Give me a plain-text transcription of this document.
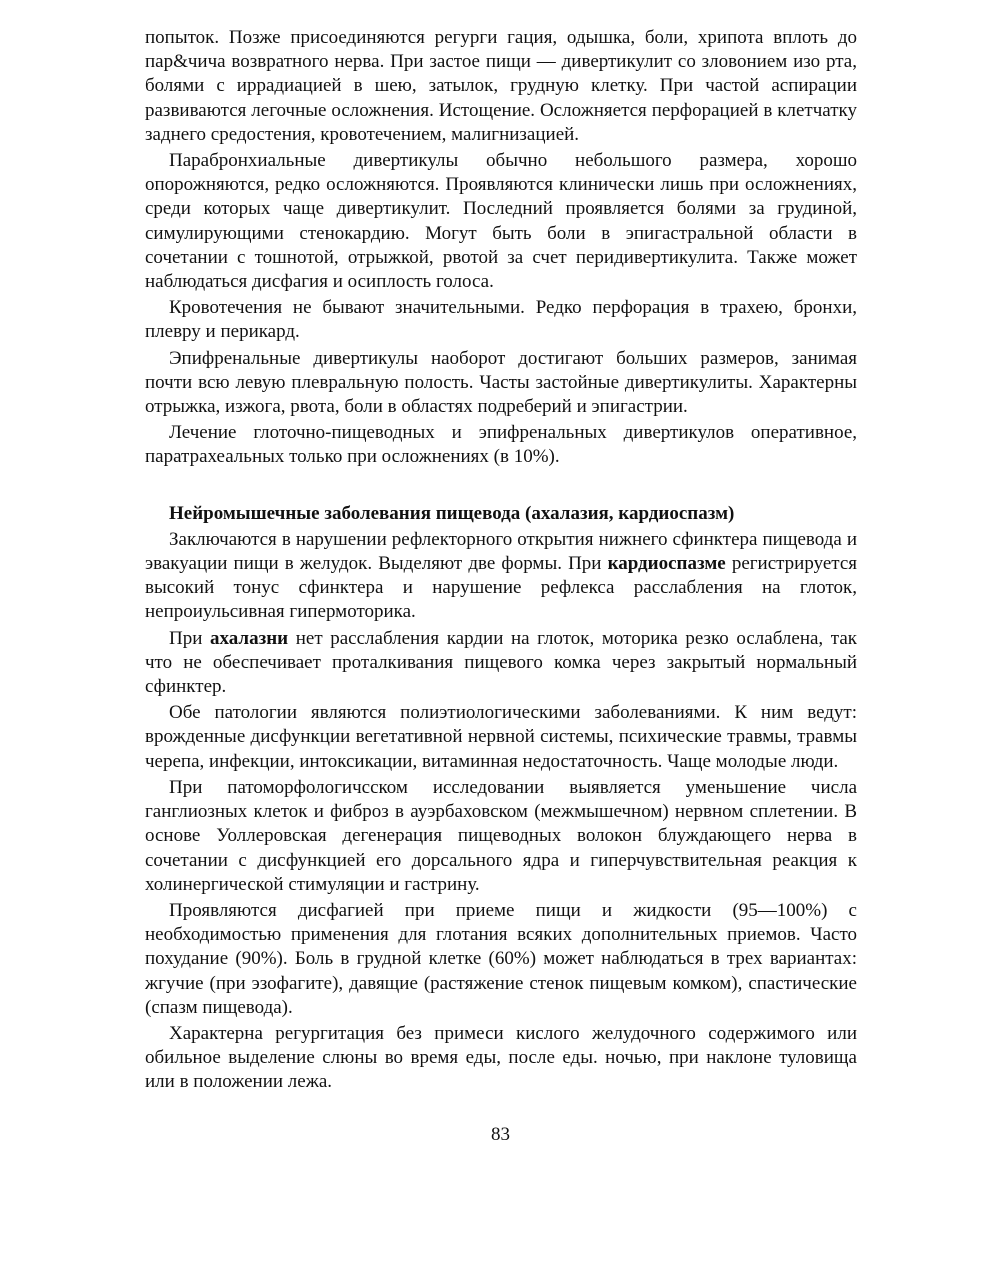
попыток. Позже присоединяются регурги гация, одышка, боли, хрипота вплоть до пар&чича возвратного нерва. При застое пищи — дивертикулит со зловонием изо рта, болями с иррадиацией в шею, затылок, грудную клетку. При частой аспирации развиваются легочные осложнения. Истощение. Осложняется перфорацией в клетчатку заднего средостения, кровотечением, малигнизацией.

Парабронхиальные дивертикулы обычно небольшого размера, хорошо опорожняются, редко осложняются. Проявляются клинически лишь при осложнениях, среди которых чаще дивертикулит. Последний проявляется болями за грудиной, симулирующими стенокардию. Могут быть боли в эпигастральной области в сочетании с тошнотой, отрыжкой, рвотой за счет перидивертикулита. Также может наблюдаться дисфагия и осиплость голоса.

Кровотечения не бывают значительными. Редко перфорация в трахею, бронхи, плевру и перикард.

Эпифренальные дивертикулы наоборот достигают больших размеров, занимая почти всю левую плевральную полость. Часты застойные дивертикулиты. Характерны отрыжка, изжога, рвота, боли в областях подреберий и эпигастрии.

Лечение глоточно-пищеводных и эпифренальных дивертикулов оперативное, паратрахеальных только при осложнениях (в 10%).

Нейромышечные заболевания пищевода (ахалазия, кардиоспазм)

Заключаются в нарушении рефлекторного открытия нижнего сфинктера пищевода и эвакуации пищи в желудок. Выделяют две формы. При кардиоспазме регистрируется высокий тонус сфинктера и нарушение рефлекса расслабления на глоток, непроиульсивная гипермоторика.

При ахалазни нет расслабления кардии на глоток, моторика резко ослаблена, так что не обеспечивает проталкивания пищевого комка через закрытый нормальный сфинктер.

Обе патологии являются полиэтиологическими заболеваниями. К ним ведут: врожденные дисфункции вегетативной нервной системы, психические травмы, травмы черепа, инфекции, интоксикации, витаминная недостаточность. Чаще молодые люди.

При патоморфологичсском исследовании выявляется уменьшение числа ганглиозных клеток и фиброз в ауэрбаховском (межмышечном) нервном сплетении. В основе Уоллеровская дегенерация пищеводных волокон блуждающего нерва в сочетании с дисфункцией его дорсального ядра и гиперчувствительная реакция к холинергической стимуляции и гастрину.

Проявляются дисфагией при приеме пищи и жидкости (95—100%) с необходимостью применения для глотания всяких дополнительных приемов. Часто похудание (90%). Боль в грудной клетке (60%) может наблюдаться в трех вариантах: жгучие (при эзофагите), давящие (растяжение стенок пищевым комком), спастические (спазм пищевода).

Характерна регургитация без примеси кислого желудочного содержимого или обильное выделение слюны во время еды, после еды. ночью, при наклоне туловища или в положении лежа.

83
